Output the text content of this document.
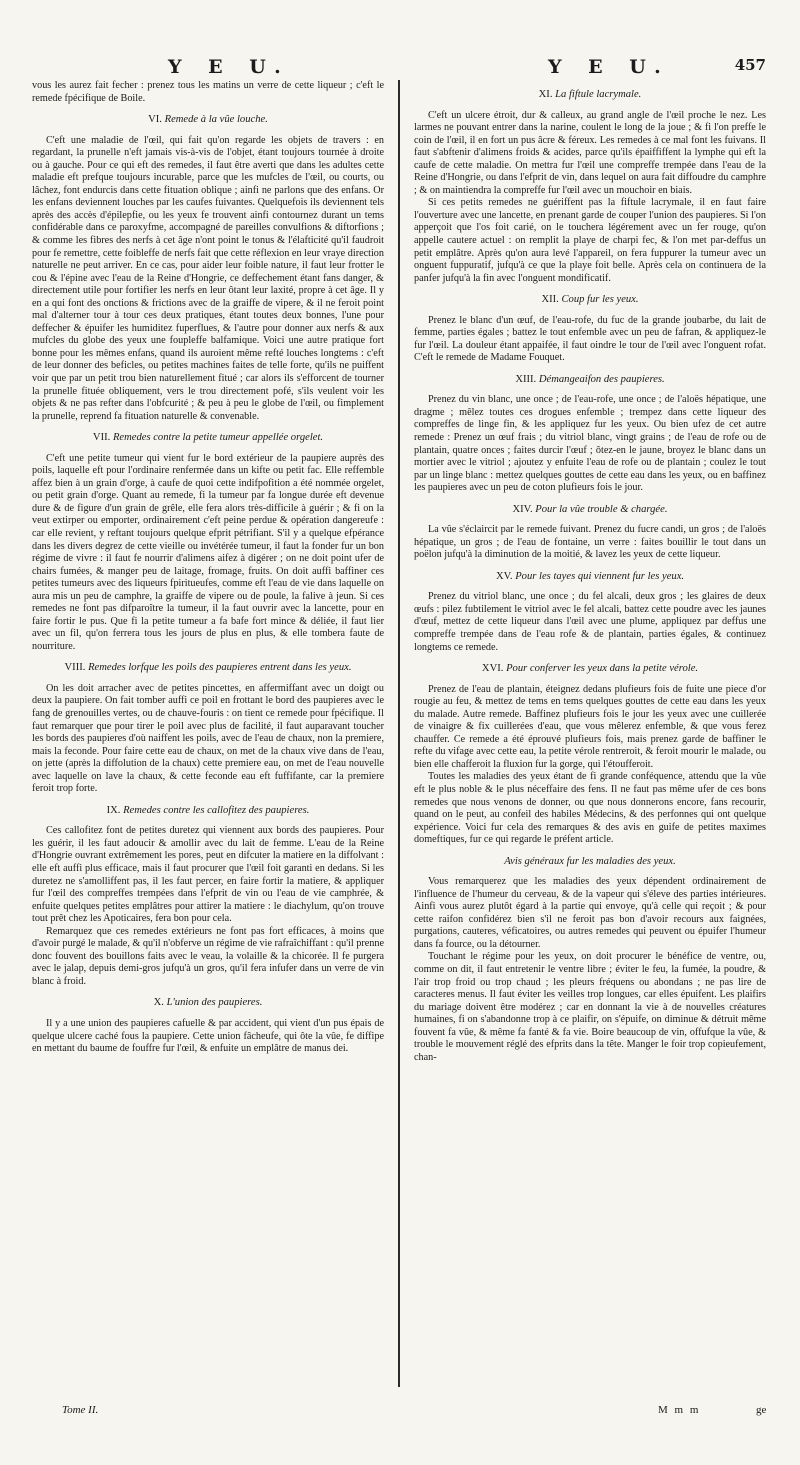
Y E U.	Y E U.	457

vous les aurez fait fecher : prenez tous les matins un verre de cette liqueur ; c'eft le remede fpécifique de Boile.

VI. Remede à la vûe louche.

C'eft une maladie de l'œil, qui fait qu'on regarde les objets de travers : en regardant, la prunelle n'eft jamais vis-à-vis de l'objet, étant toujours tournée à droite ou à gauche. Pour ce qui eft des remedes, il faut être averti que dans les adultes cette maladie eft prefque toujours incurable, parce que les mufcles de l'œil, ou courts, ou lâchez, font endurcis dans cette fituation oblique ; ainfi ne parlons que des enfans. Or les enfans deviennent louches par les caufes fuivantes. Quelquefois ils deviennent tels après des accès d'épilepfie, ou les yeux fe trouvent ainfi contournez durant un tems confidérable dans ce paroxyfme, accompagné de pareilles convulfions & diftorfions ; & comme les fibres des nerfs à cet âge n'ont point le tonus & l'élafticité qu'il faudroit pour fe remettre, cette foibleffe de nerfs fait que cette réflexion en leur vraye direction naturelle ne peut arriver. En ce cas, pour aider leur foible nature, il faut leur frotter le cou & l'épine avec l'eau de la Reine d'Hongrie, ce deffechement étant fans danger, & directement utile pour fortifier les nerfs en leur ôtant leur laxité, propre à cet âge. Il y en a qui font des onctions & frictions avec de la graiffe de vipere, & il ne feroit point mal d'alterner tour à tour ces deux pratiques, étant toutes deux bonnes, l'une pour deffecher & épuifer les humiditez fuperflues, & l'autre pour donner aux nerfs & aux mufcles du globe des yeux une foupleffe balfamique. Voici une autre pratique fort bonne pour les mêmes enfans, quand ils auroient même refté louches longtems : c'eft de leur donner des beficles, ou petites machines faites de telle forte, qu'ils ne puiffent voir que par un petit trou bien naturellement fitué ; car alors ils s'efforcent de tourner la prunelle fituée obliquement, vers le trou directement pofé, s'ils veulent voir les objets & ne pas refter dans l'obfcurité ; & peu à peu le globe de l'œil, ou fimplement la prunelle, reprend fa fituation naturelle & convenable.

VII. Remedes contre la petite tumeur appellée orgelet.

C'eft une petite tumeur qui vient fur le bord extérieur de la paupiere auprès des poils, laquelle eft pour l'ordinaire renfermée dans un kifte ou petit fac. Elle reffemble affez bien à un grain d'orge, à caufe de quoi cette indifpofition a été nommée orgelet, ou petit grain d'orge. Quant au remede, fi la tumeur par fa longue durée eft devenue dure & de figure d'un grain de grêle, elle fera alors très-difficile à guérir ; & fi on la veut extirper ou emporter, ordinairement c'eft peine perdue & opération dangereufe : car elle revient, y reftant toujours quelque efprit pétrifiant. S'il y a quelque efpérance dans les divers degrez de cette vieille ou invétérée tumeur, il faut la fonder fur un bon régime de vivre : il faut fe nourrir d'alimens aifez à digérer ; on ne doit point ufer de chairs fumées, & manger peu de laitage, fromage, fruits. On doit auffi baffiner ces petites tumeurs avec des liqueurs fpiritueufes, comme eft l'eau de vie dans laquelle on aura mis un peu de camphre, la graiffe de vipere ou de poule, la falive à jeun. Si ces remedes ne font pas difparoître la tumeur, il la faut ouvrir avec la lancette, pour en faire fortir le pus. Que fi la petite tumeur a fa bafe fort mince & déliée, il faut lier avec un fil, qu'on ferrera tous les jours de plus en plus, & elle tombera faute de nourriture.

VIII. Remedes lorfque les poils des paupieres entrent dans les yeux.

On les doit arracher avec de petites pincettes, en affermiffant avec un doigt ou deux la paupiere. On fait tomber auffi ce poil en frottant le bord des paupieres avec le fang de grenouilles vertes, ou de chauve-fouris : on tient ce remede pour fpécifique. Il faut remarquer que pour tirer le poil avec plus de facilité, il faut auparavant toucher les bords des paupieres d'où naiffent les poils, avec de l'eau de chaux, non la premiere, mais la feconde. Pour faire cette eau de chaux, on met de la chaux vive dans de l'eau, on jette (après la diffolution de la chaux) cette premiere eau, on met de l'eau nouvelle avec laquelle on lave la chaux, & cette feconde eau eft fuffifante, car la premiere feroit trop forte.

IX. Remedes contre les callofitez des paupieres.

Ces callofitez font de petites duretez qui viennent aux bords des paupieres. Pour les guérir, il les faut adoucir & amollir avec du lait de femme. L'eau de la Reine d'Hongrie ouvrant extrêmement les pores, peut en difcuter la matiere en la diffolvant : elle eft auffi plus efficace, mais il faut procurer que l'œil foit garanti en dedans. Si les duretez ne s'amolliffent pas, il les faut percer, en faire fortir la matiere, & appliquer fur l'œil des compreffes trempées dans l'efprit de vin ou l'eau de vie camphrée, & enfuite quelques petites emplâtres pour attirer la matiere : le diachylum, qu'on trouve tout prêt chez les Apoticaires, fera bon pour cela.

Remarquez que ces remedes extérieurs ne font pas fort efficaces, à moins que d'avoir purgé le malade, & qu'il n'obferve un régime de vie rafraîchiffant : qu'il prenne donc fouvent des bouillons faits avec le veau, la volaille & la chicorée. Il fe purgera avec le jalap, depuis demi-gros jufqu'à un gros, qu'il fera infufer dans un verre de vin blanc à froid.

X. L'union des paupieres.

Il y a une union des paupieres cafuelle & par accident, qui vient d'un pus épais de quelque ulcere caché fous la paupiere. Cette union fâcheufe, qui ôte la vûe, fe diffipe en mettant du baume de fouffre fur l'œil, & enfuite un emplâtre de manus dei.

XI. La fiftule lacrymale.

C'eft un ulcere étroit, dur & calleux, au grand angle de l'œil proche le nez. Les larmes ne pouvant entrer dans la narine, coulent le long de la joue ; & fi l'on preffe le coin de l'œil, il en fort un pus âcre & féreux. Les remedes à ce mal font les fuivans. Il faut s'abftenir d'alimens froids & acides, parce qu'ils épaiffiffent la lymphe qui eft la caufe de cette maladie. On mettra fur l'œil une compreffe trempée dans l'eau de la Reine d'Hongrie, ou dans l'efprit de vin, dans lequel on aura fait diffoudre du camphre ; & on maintiendra la compreffe fur l'œil avec un mouchoir en biais.

Si ces petits remedes ne guériffent pas la fiftule lacrymale, il en faut faire l'ouverture avec une lancette, en prenant garde de couper l'union des paupieres. Si l'on apperçoit que l'os foit carié, on le touchera légérement avec un fer rouge, qu'on appelle cautere actuel : on remplit la playe de charpi fec, & l'on met par-deffus un petit emplâtre. Après qu'on aura levé l'appareil, on fera fuppurer la tumeur avec un onguent fuppuratif, jufqu'à ce que la playe foit belle. Après cela on continuera de la panfer jufqu'à la fin avec l'onguent mondificatif.

XII. Coup fur les yeux.

Prenez le blanc d'un œuf, de l'eau-rofe, du fuc de la grande joubarbe, du lait de femme, parties égales ; battez le tout enfemble avec un peu de fafran, & appliquez-le fur l'œil. La douleur étant appaifée, il faut oindre le tour de l'œil avec l'onguent rofat. C'eft le remede de Madame Fouquet.

XIII. Démangeaifon des paupieres.

Prenez du vin blanc, une once ; de l'eau-rofe, une once ; de l'aloës hépatique, une dragme ; mêlez toutes ces drogues enfemble ; trempez dans cette liqueur des compreffes de linge fin, & les appliquez fur les yeux. Ou bien ufez de cet autre remede : Prenez un œuf frais ; du vitriol blanc, vingt grains ; de l'eau de rofe ou de plantain, quatre onces ; faites durcir l'œuf ; ôtez-en le jaune, broyez le blanc dans un mortier avec le vitriol ; ajoutez y enfuite l'eau de rofe ou de plantain ; coulez le tout par un linge blanc : mettez quelques gouttes de cette eau dans les yeux, ou en baffinez les paupieres avec un peu de coton plufieurs fois le jour.

XIV. Pour la vûe trouble & chargée.

La vûe s'éclaircit par le remede fuivant. Prenez du fucre candi, un gros ; de l'aloës hépatique, un gros ; de l'eau de fontaine, un verre : faites bouillir le tout dans un poëlon jufqu'à la diminution de la moitié, & lavez les yeux de cette liqueur.

XV. Pour les tayes qui viennent fur les yeux.

Prenez du vitriol blanc, une once ; du fel alcali, deux gros ; les glaires de deux œufs : pilez fubtilement le vitriol avec le fel alcali, battez cette poudre avec les jaunes d'œuf, mettez de cette liqueur dans l'œil avec une plume, appliquez par deffus une compreffe trempée dans de l'eau rofe & de plantain, parties égales, & continuez longtems ce remede.

XVI. Pour conferver les yeux dans la petite vérole.

Prenez de l'eau de plantain, éteignez dedans plufieurs fois de fuite une piece d'or rougie au feu, & mettez de tems en tems quelques gouttes de cette eau dans les yeux du malade. Autre remede. Baffinez plufieurs fois le jour les yeux avec une cuillerée de vinaigre & fix cuillerées d'eau, que vous mêlerez enfemble, & que vous ferez chauffer. Ce remede a été éprouvé plufieurs fois, mais prenez garde de baffiner le refte du vifage avec cette eau, la petite vérole rentreroit, & feroit mourir le malade, ou bien elle chafferoit la fluxion fur la gorge, qui l'étoufferoit.

Toutes les maladies des yeux étant de fi grande conféquence, attendu que la vûe eft le plus noble & le plus néceffaire des fens. Il ne faut pas même ufer de ces bons remedes que nous venons de donner, ou que nous donnerons encore, fans recourir, quand on le peut, au confeil des habiles Médecins, & des perfonnes qui ont quelque expérience. Voici fur cela des remarques & des avis en guife de petites maximes domeftiques, fur ce qui regarde le préfent article.

Avis généraux fur les maladies des yeux.

Vous remarquerez que les maladies des yeux dépendent ordinairement de l'influence de l'humeur du cerveau, & de la vapeur qui s'éleve des parties intérieures. Ainfi vous aurez plutôt égard à la partie qui envoye, qu'à celle qui reçoit ; & pour cette raifon confidérez bien s'il ne feroit pas bon d'avoir recours aux faignées, purgations, cauteres, véficatoires, ou autres remedes qui peuvent ou épuifer l'humeur dans fa fource, ou la détourner.

Touchant le régime pour les yeux, on doit procurer le bénéfice de ventre, ou, comme on dit, il faut entretenir le ventre libre ; éviter le feu, la fumée, la poudre, & l'air trop froid ou trop chaud ; les pleurs fréquens ou abondans ; ne pas lire de caracteres menus. Il faut éviter les veilles trop longues, car elles épuifent. Les plaifirs du mariage doivent être modérez ; car en donnant la vie à de nouvelles créatures humaines, fi on s'abandonne trop à ce plaifir, on s'épuife, on diminue & détruit même fouvent fa vûe, & même fa fanté & fa vie. Boire beaucoup de vin, offufque la vûe, & trouble le mouvement réglé des efprits dans la tête. Manger le foir trop copieufement, chan-

Tome II.	M m m	ge
